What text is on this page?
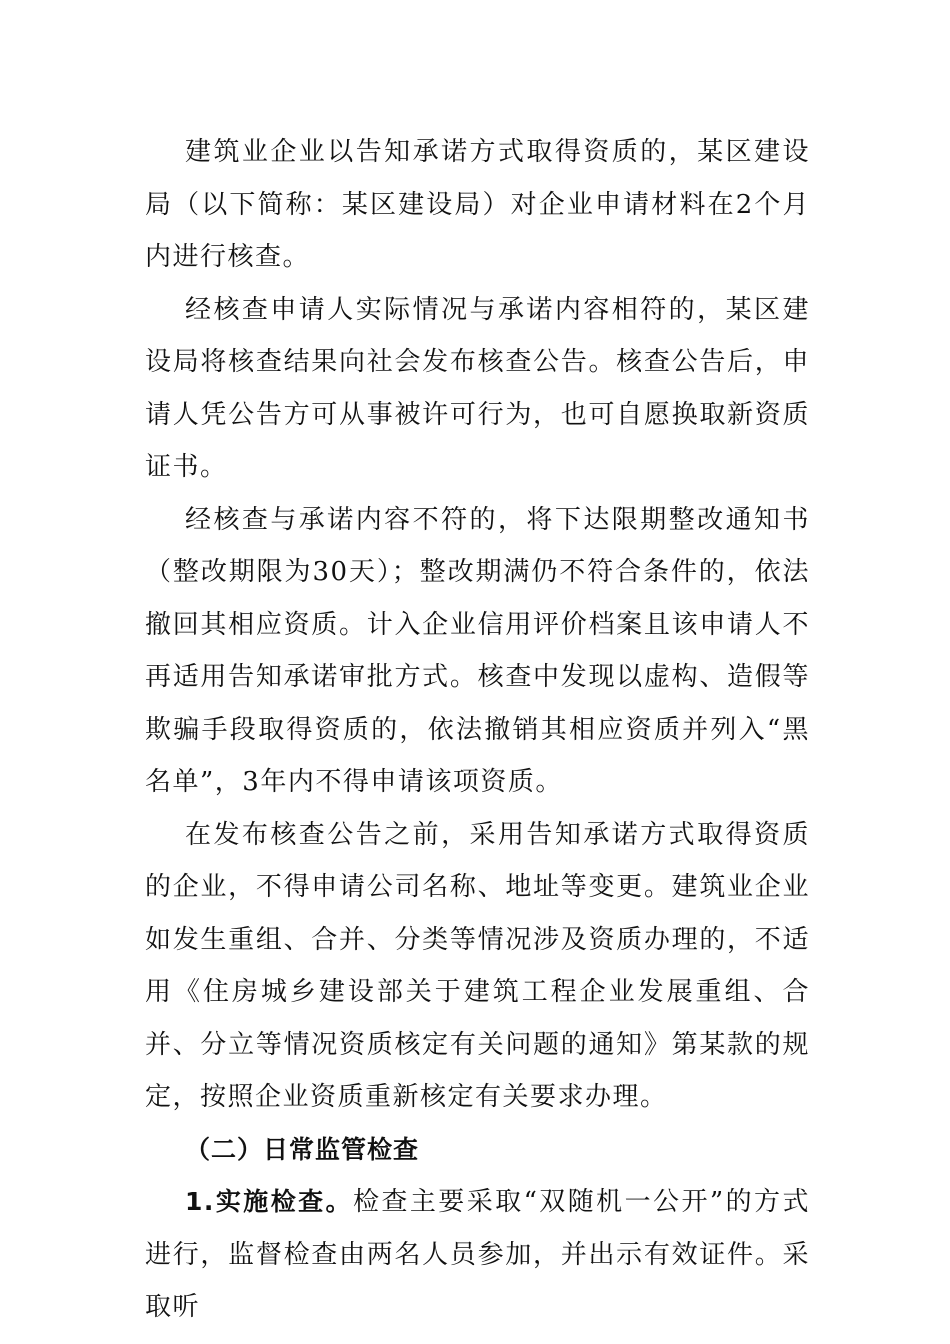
建筑业企业以告知承诺方式取得资质的，某区建设局（以下简称：某区建设局）对企业申请材料在2个月内进行核查。

经核查申请人实际情况与承诺内容相符的，某区建设局将核查结果向社会发布核查公告。核查公告后，申请人凭公告方可从事被许可行为，也可自愿换取新资质证书。

经核查与承诺内容不符的，将下达限期整改通知书（整改期限为30天）；整改期满仍不符合条件的，依法撤回其相应资质。计入企业信用评价档案且该申请人不再适用告知承诺审批方式。核查中发现以虚构、造假等欺骗手段取得资质的，依法撤销其相应资质并列入“黑名单”，3年内不得申请该项资质。

在发布核查公告之前，采用告知承诺方式取得资质的企业，不得申请公司名称、地址等变更。建筑业企业如发生重组、合并、分类等情况涉及资质办理的，不适用《住房城乡建设部关于建筑工程企业发展重组、合并、分立等情况资质核定有关问题的通知》第某款的规定，按照企业资质重新核定有关要求办理。

（二）日常监管检查

1.实施检查。检查主要采取“双随机一公开”的方式进行，监督检查由两名人员参加，并出示有效证件。采取听
